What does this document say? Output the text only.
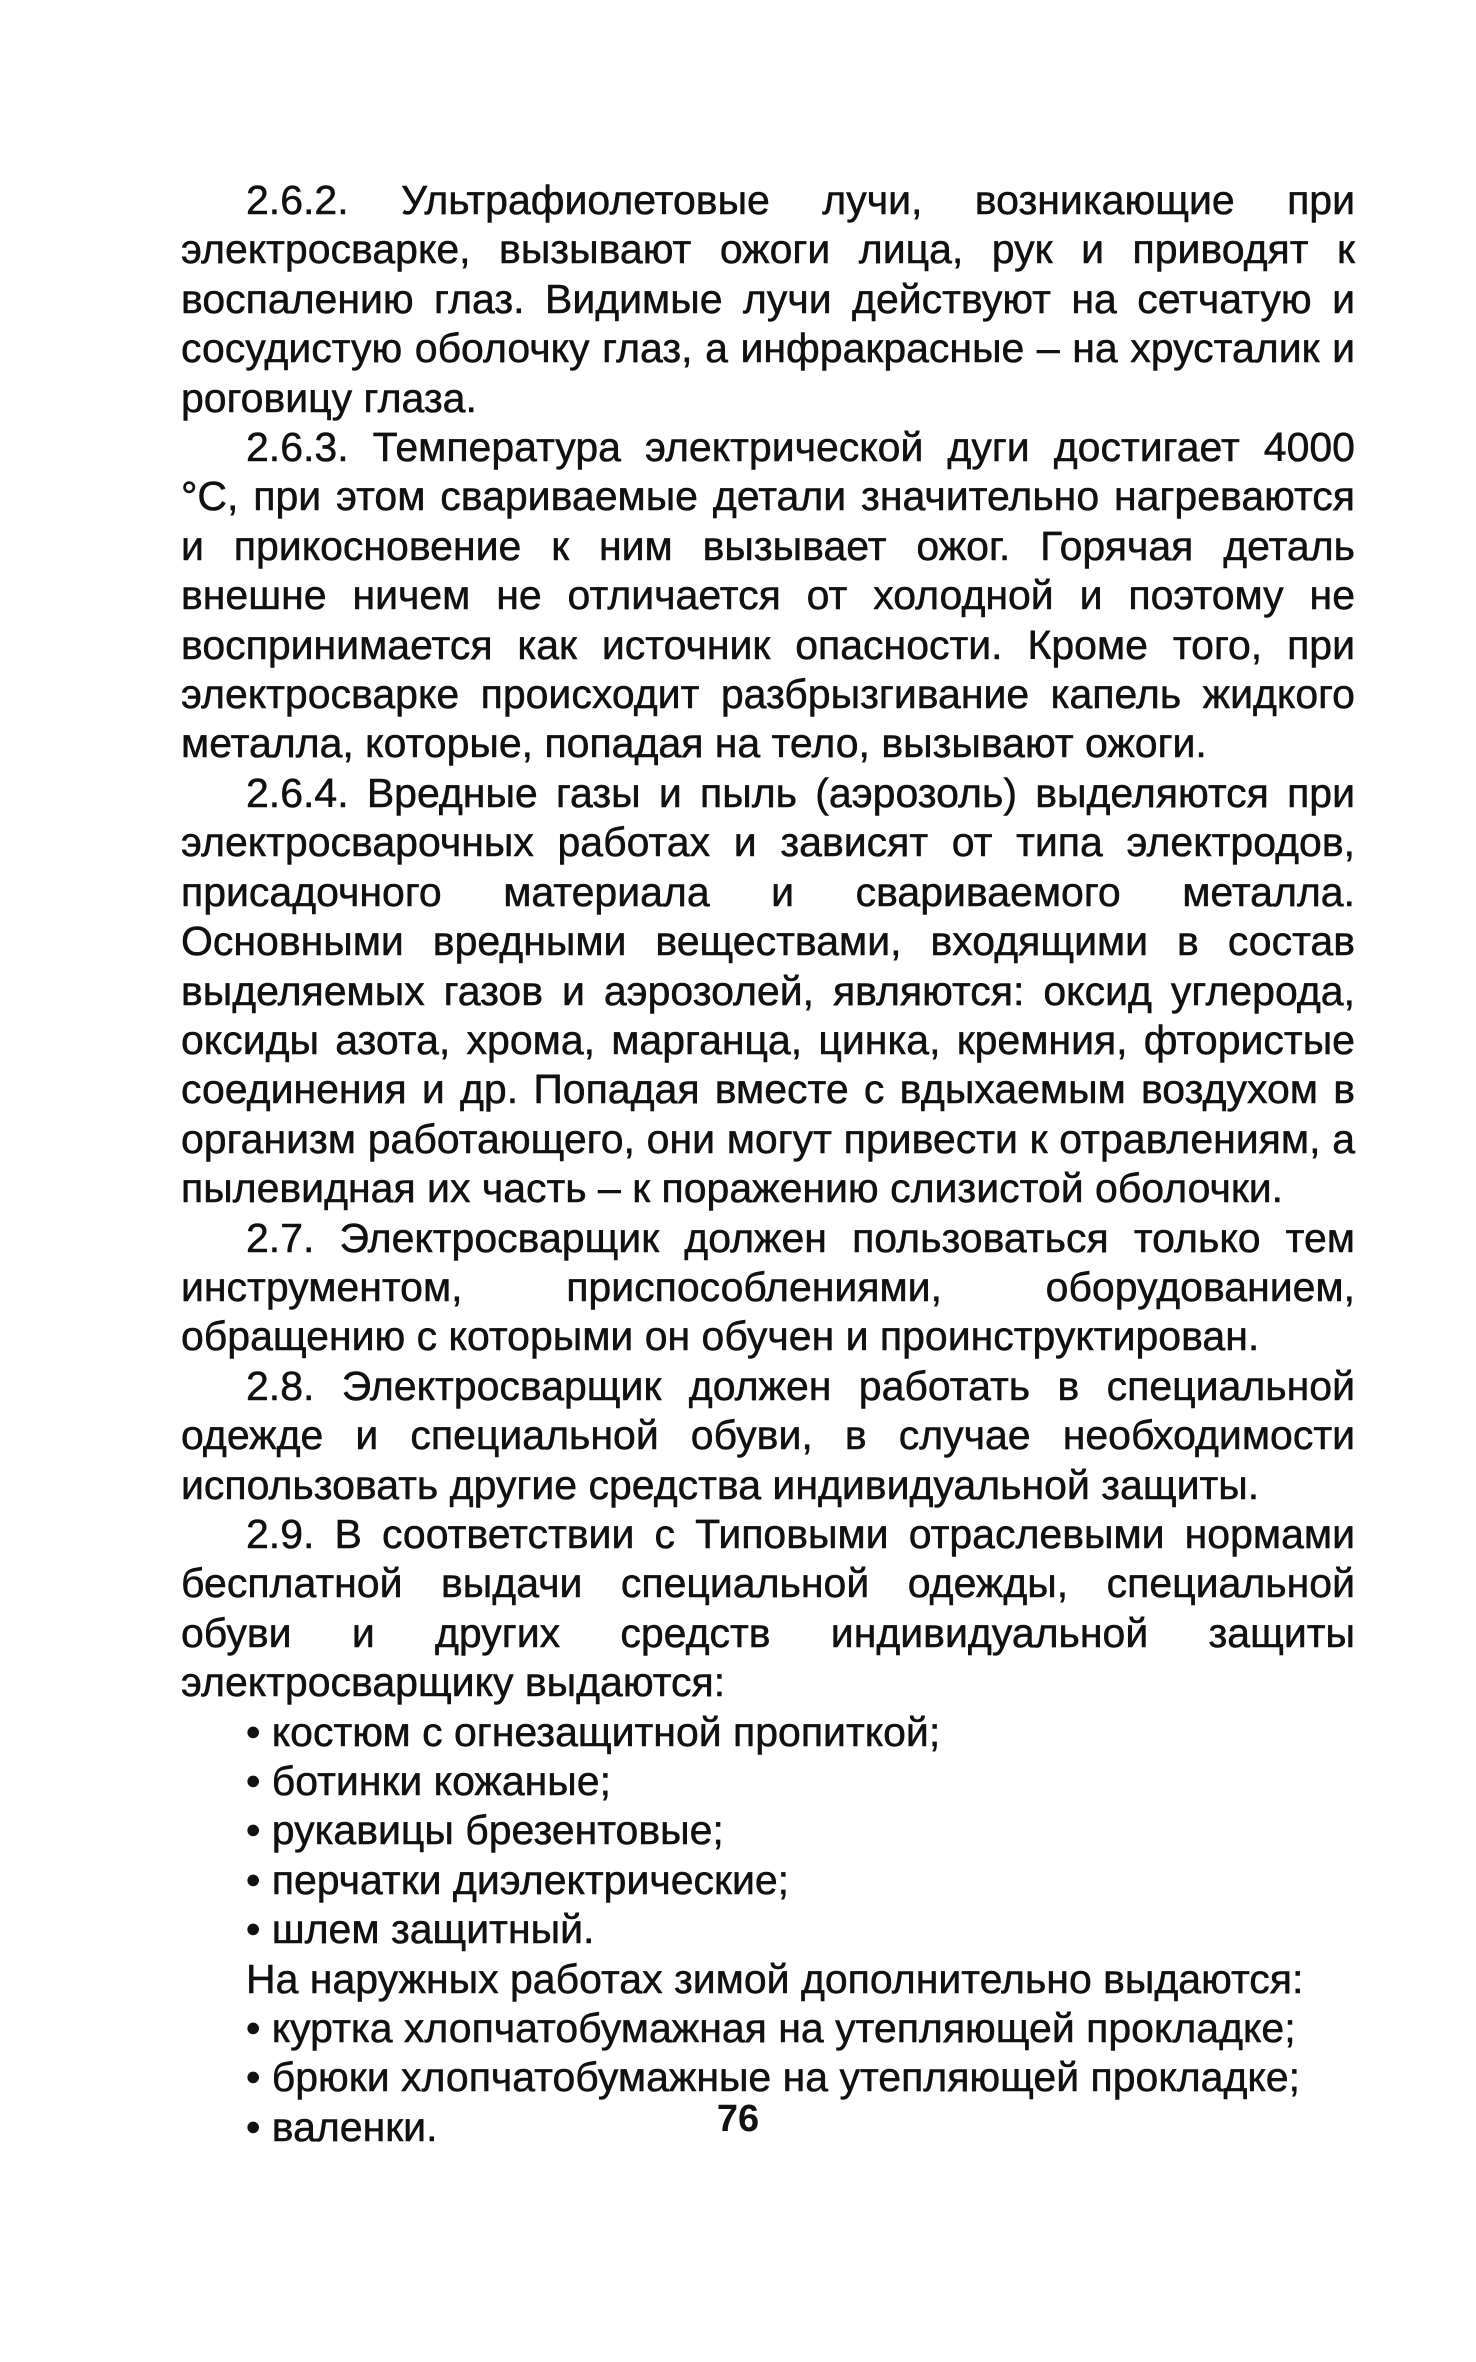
2.6.2. Ультрафиолетовые лучи, возникающие при электросварке, вызывают ожоги лица, рук и приводят к воспалению глаз. Видимые лучи действуют на сетчатую и сосудистую оболочку глаз, а инфракрасные – на хрусталик и роговицу глаза.

2.6.3. Температура электрической дуги достигает 4000 °С, при этом свариваемые детали значительно нагреваются и прикосновение к ним вызывает ожог. Горячая деталь внешне ничем не отличается от холодной и поэтому не воспринимается как источник опасности. Кроме того, при электросварке происходит разбрызгивание капель жидкого металла, которые, попадая на тело, вызывают ожоги.

2.6.4. Вредные газы и пыль (аэрозоль) выделяются при электросварочных работах и зависят от типа электродов, присадочного материала и свариваемого металла. Основными вредными веществами, входящими в состав выделяемых газов и аэрозолей, являются: оксид углерода, оксиды азота, хрома, марганца, цинка, кремния, фтористые соединения и др. Попадая вместе с вдыхаемым воздухом в организм работающего, они могут привести к отравлениям, а пылевидная их часть – к поражению слизистой оболочки.

2.7. Электросварщик должен пользоваться только тем инструментом, приспособлениями, оборудованием, обращению с которыми он обучен и проинструктирован.

2.8. Электросварщик должен работать в специальной одежде и специальной обуви, в случае необходимости использовать другие средства индивидуальной защиты.

2.9. В соответствии с Типовыми отраслевыми нормами бесплатной выдачи специальной одежды, специальной обуви и других средств индивидуальной защиты электросварщику выдаются:

• костюм с огнезащитной пропиткой;

• ботинки кожаные;

• рукавицы брезентовые;

• перчатки диэлектрические;

• шлем защитный.

На наружных работах зимой дополнительно выдаются:

• куртка хлопчатобумажная на утепляющей прокладке;

• брюки хлопчатобумажные на утепляющей прокладке;

• валенки.	76
